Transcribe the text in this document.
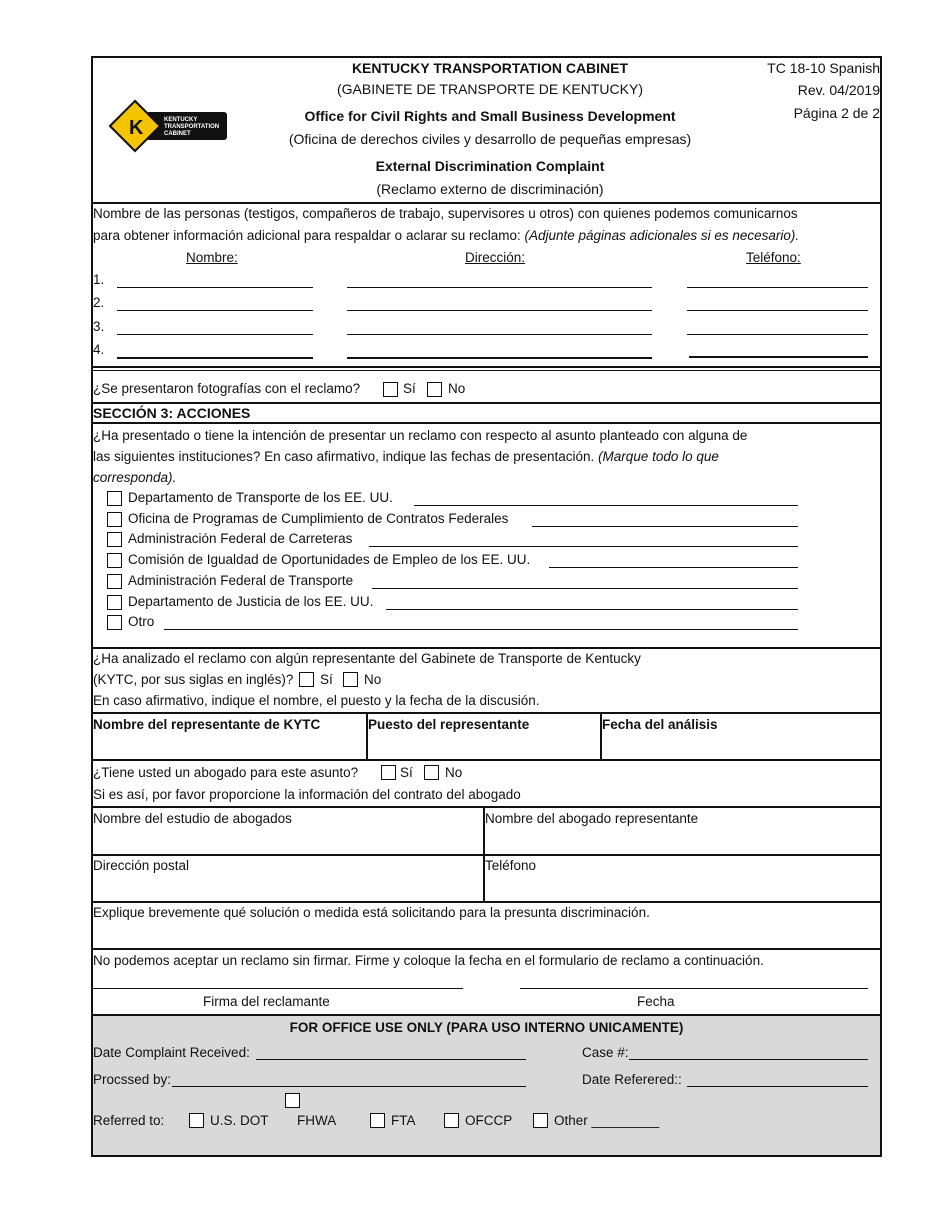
K	KENTUCKY
TRANSPORTATION
CABINET
KENTUCKY TRANSPORTATION CABINET
(GABINETE DE TRANSPORTE DE KENTUCKY)
Office for Civil Rights and Small Business Development
(Oficina de derechos civiles y desarrollo de pequeñas empresas)
External Discrimination Complaint
(Reclamo externo de discriminación)
TC 18-10 Spanish
Rev. 04/2019
Página 2 de 2
Nombre de las personas (testigos, compañeros de trabajo, supervisores u otros) con quienes podemos comunicarnos
para obtener información adicional para respaldar o aclarar su reclamo: (Adjunte páginas adicionales si es necesario).
Nombre:	Dirección:	Teléfono:
1.
2.
3.
4.
¿Se presentaron fotografías con el reclamo?	Sí No
SECCIÓN 3: ACCIONES
¿Ha presentado o tiene la intención de presentar un reclamo con respecto al asunto planteado con alguna de
las siguientes instituciones? En caso afirmativo, indique las fechas de presentación. (Marque todo lo que
corresponda).
Departamento de Transporte de los EE. UU.
Oficina de Programas de Cumplimiento de Contratos Federales
Administración Federal de Carreteras
Comisión de Igualdad de Oportunidades de Empleo de los EE. UU.
Administración Federal de Transporte
Departamento de Justicia de los EE. UU.
Otro
¿Ha analizado el reclamo con algún representante del Gabinete de Transporte de Kentucky
(KYTC, por sus siglas en inglés)? Sí No
En caso afirmativo, indique el nombre, el puesto y la fecha de la discusión.
Nombre del representante de KYTC	Puesto del representante	Fecha del análisis
¿Tiene usted un abogado para este asunto?	Sí No
Si es así, por favor proporcione la información del contrato del abogado
Nombre del estudio de abogados	Nombre del abogado representante
Dirección postal	Teléfono
Explique brevemente qué solución o medida está solicitando para la presunta discriminación.
No podemos aceptar un reclamo sin firmar. Firme y coloque la fecha en el formulario de reclamo a continuación.
Firma del reclamante	Fecha
FOR OFFICE USE ONLY (PARA USO INTERNO UNICAMENTE)
Date Complaint Received:	Case #:
Procssed by:	Date Referered::
Referred to:	U.S. DOT FHWA	FTA	OFCCP	Other _________
